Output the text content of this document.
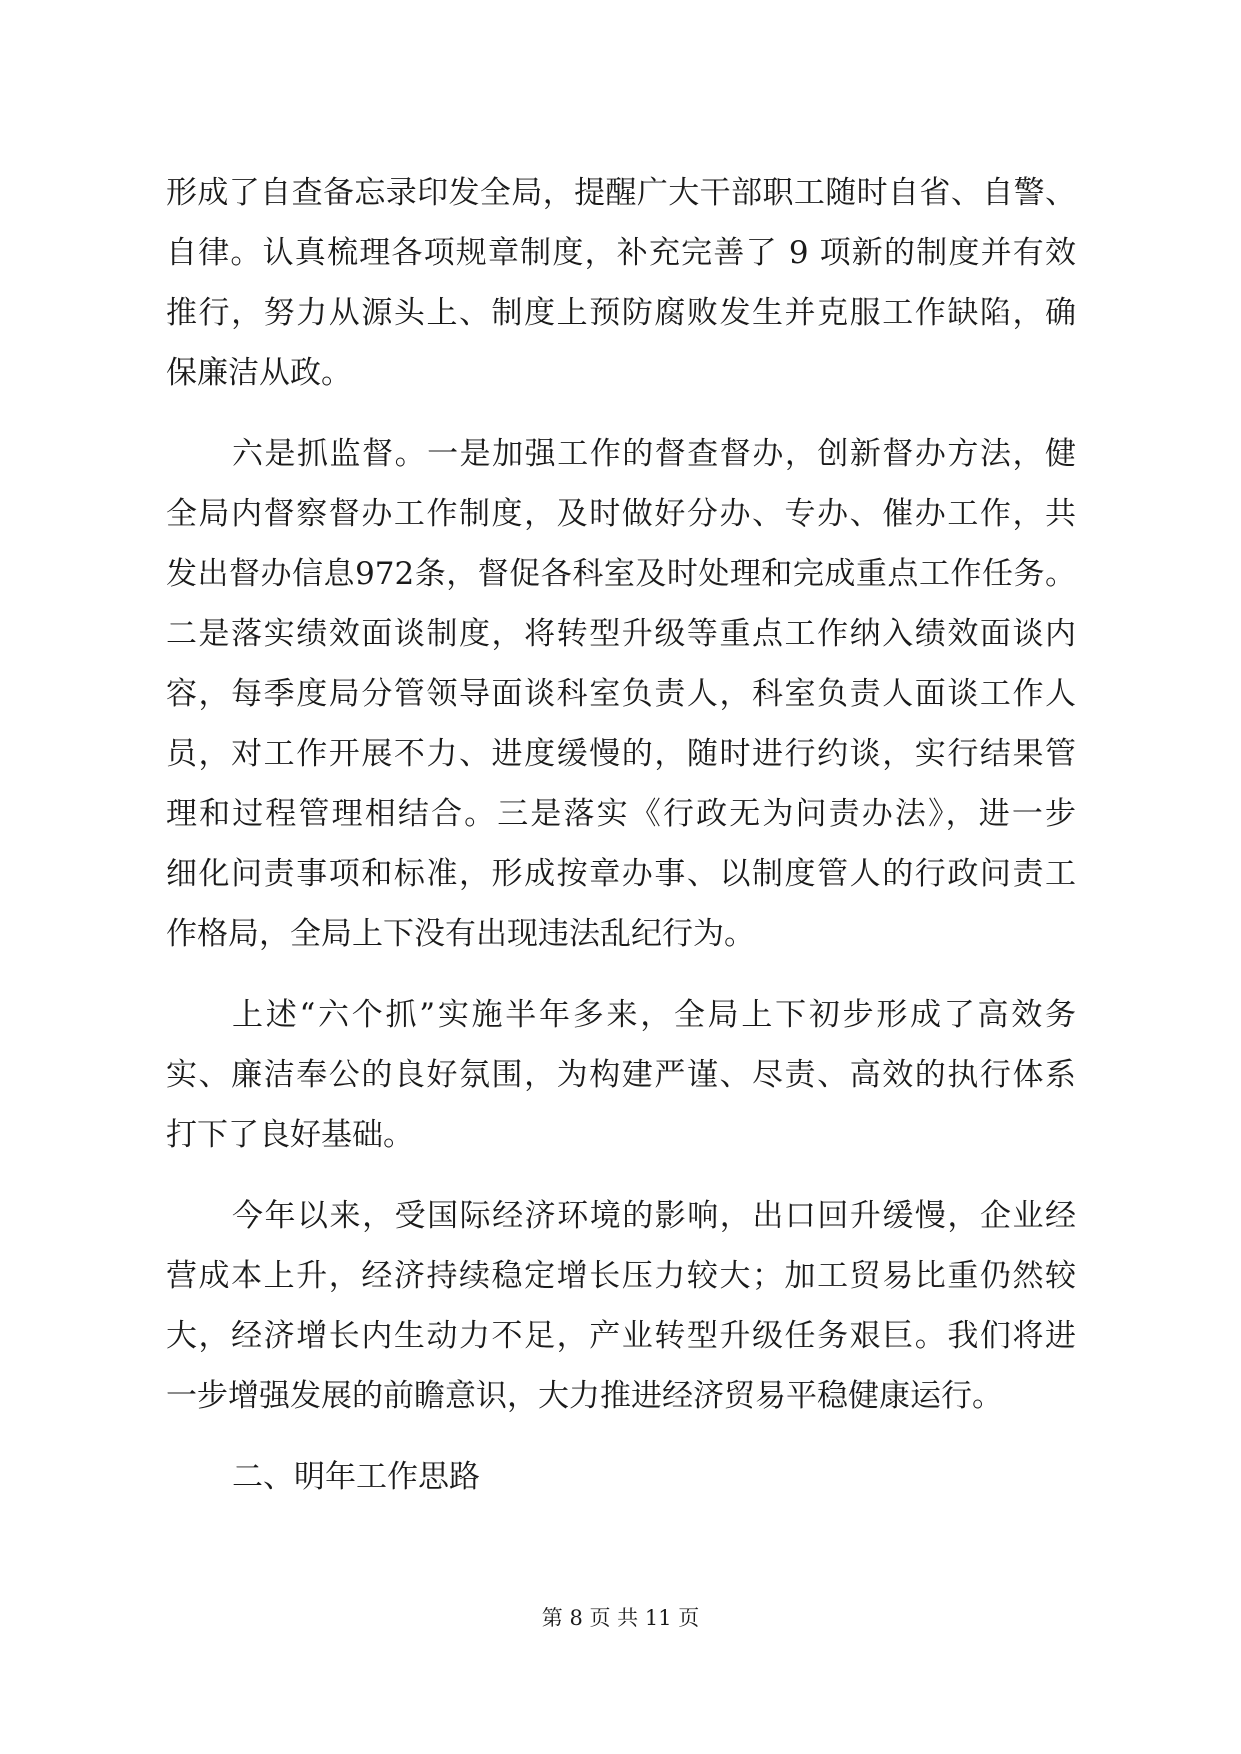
形成了自查备忘录印发全局，提醒广大干部职工随时自省、自警、
自律。认真梳理各项规章制度，补充完善了 9 项新的制度并有效
推行，努力从源头上、制度上预防腐败发生并克服工作缺陷，确
保廉洁从政。
六是抓监督。一是加强工作的督查督办，创新督办方法，健
全局内督察督办工作制度，及时做好分办、专办、催办工作，共
发出督办信息972条，督促各科室及时处理和完成重点工作任务。
二是落实绩效面谈制度，将转型升级等重点工作纳入绩效面谈内
容，每季度局分管领导面谈科室负责人，科室负责人面谈工作人
员，对工作开展不力、进度缓慢的，随时进行约谈，实行结果管
理和过程管理相结合。三是落实《行政无为问责办法》，进一步
细化问责事项和标准，形成按章办事、以制度管人的行政问责工
作格局，全局上下没有出现违法乱纪行为。
上述“六个抓”实施半年多来，全局上下初步形成了高效务
实、廉洁奉公的良好氛围，为构建严谨、尽责、高效的执行体系
打下了良好基础。
今年以来，受国际经济环境的影响，出口回升缓慢，企业经
营成本上升，经济持续稳定增长压力较大；加工贸易比重仍然较
大，经济增长内生动力不足，产业转型升级任务艰巨。我们将进
一步增强发展的前瞻意识，大力推进经济贸易平稳健康运行。
二、明年工作思路
第 8 页 共 11 页
